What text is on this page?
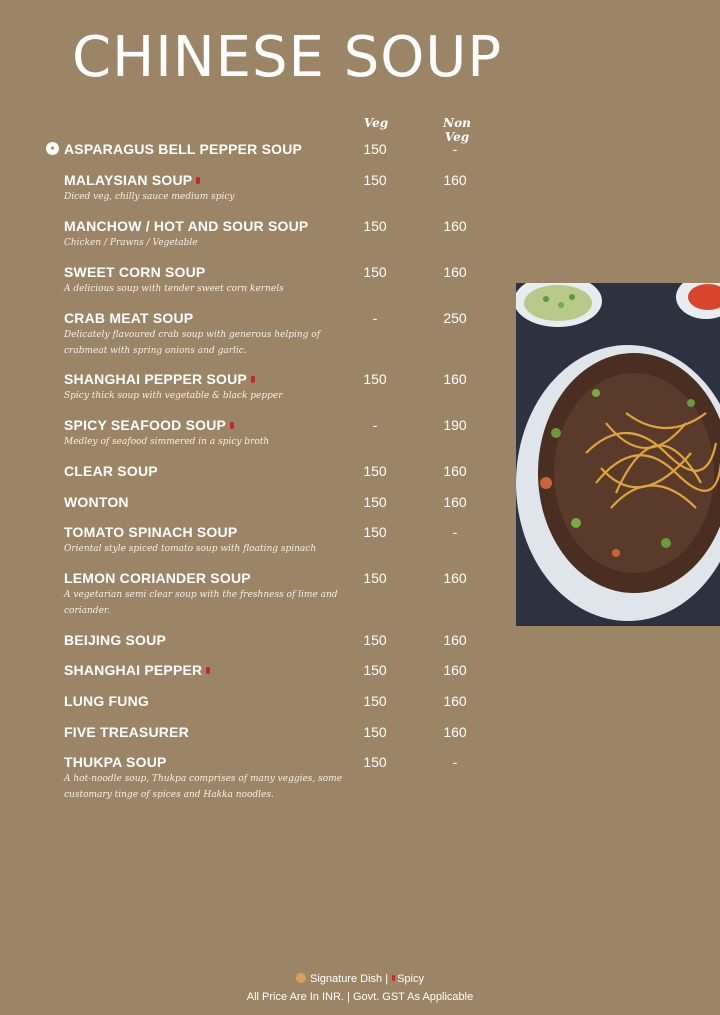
CHINESE SOUP
Veg	Non Veg
✦ ASPARAGUS BELL PEPPER SOUP	150	-
MALAYSIAN SOUP
Diced veg, chilly sauce medium spicy
150	160
MANCHOW / HOT AND SOUR SOUP
Chicken / Prawns / Vegetable
150	160
SWEET CORN SOUP
A delicious soup with tender sweet corn kernels
150	160
CRAB MEAT SOUP
Delicately flavoured crab soup with generous helping of crabmeat with spring onions and garlic.
-	250
SHANGHAI PEPPER SOUP
Spicy thick soup with vegetable & black pepper
150	160
SPICY SEAFOOD SOUP
Medley of seafood simmered in a spicy broth
-	190
CLEAR SOUP	150	160
WONTON	150	160
TOMATO SPINACH SOUP
Oriental style spiced tomato soup with floating spinach
150	-
LEMON CORIANDER SOUP
A vegetarian semi clear soup with the freshness of lime and coriander.
150	160
BEIJING SOUP	150	160
SHANGHAI PEPPER	150	160
LUNG FUNG	150	160
FIVE TREASURER	150	160
THUKPA SOUP
A hot-noodle soup, Thukpa comprises of many veggies, some customary tinge of spices and Hakka noodles.
150	-
Signature Dish | Spicy
All Price Are In INR. | Govt. GST As Applicable
